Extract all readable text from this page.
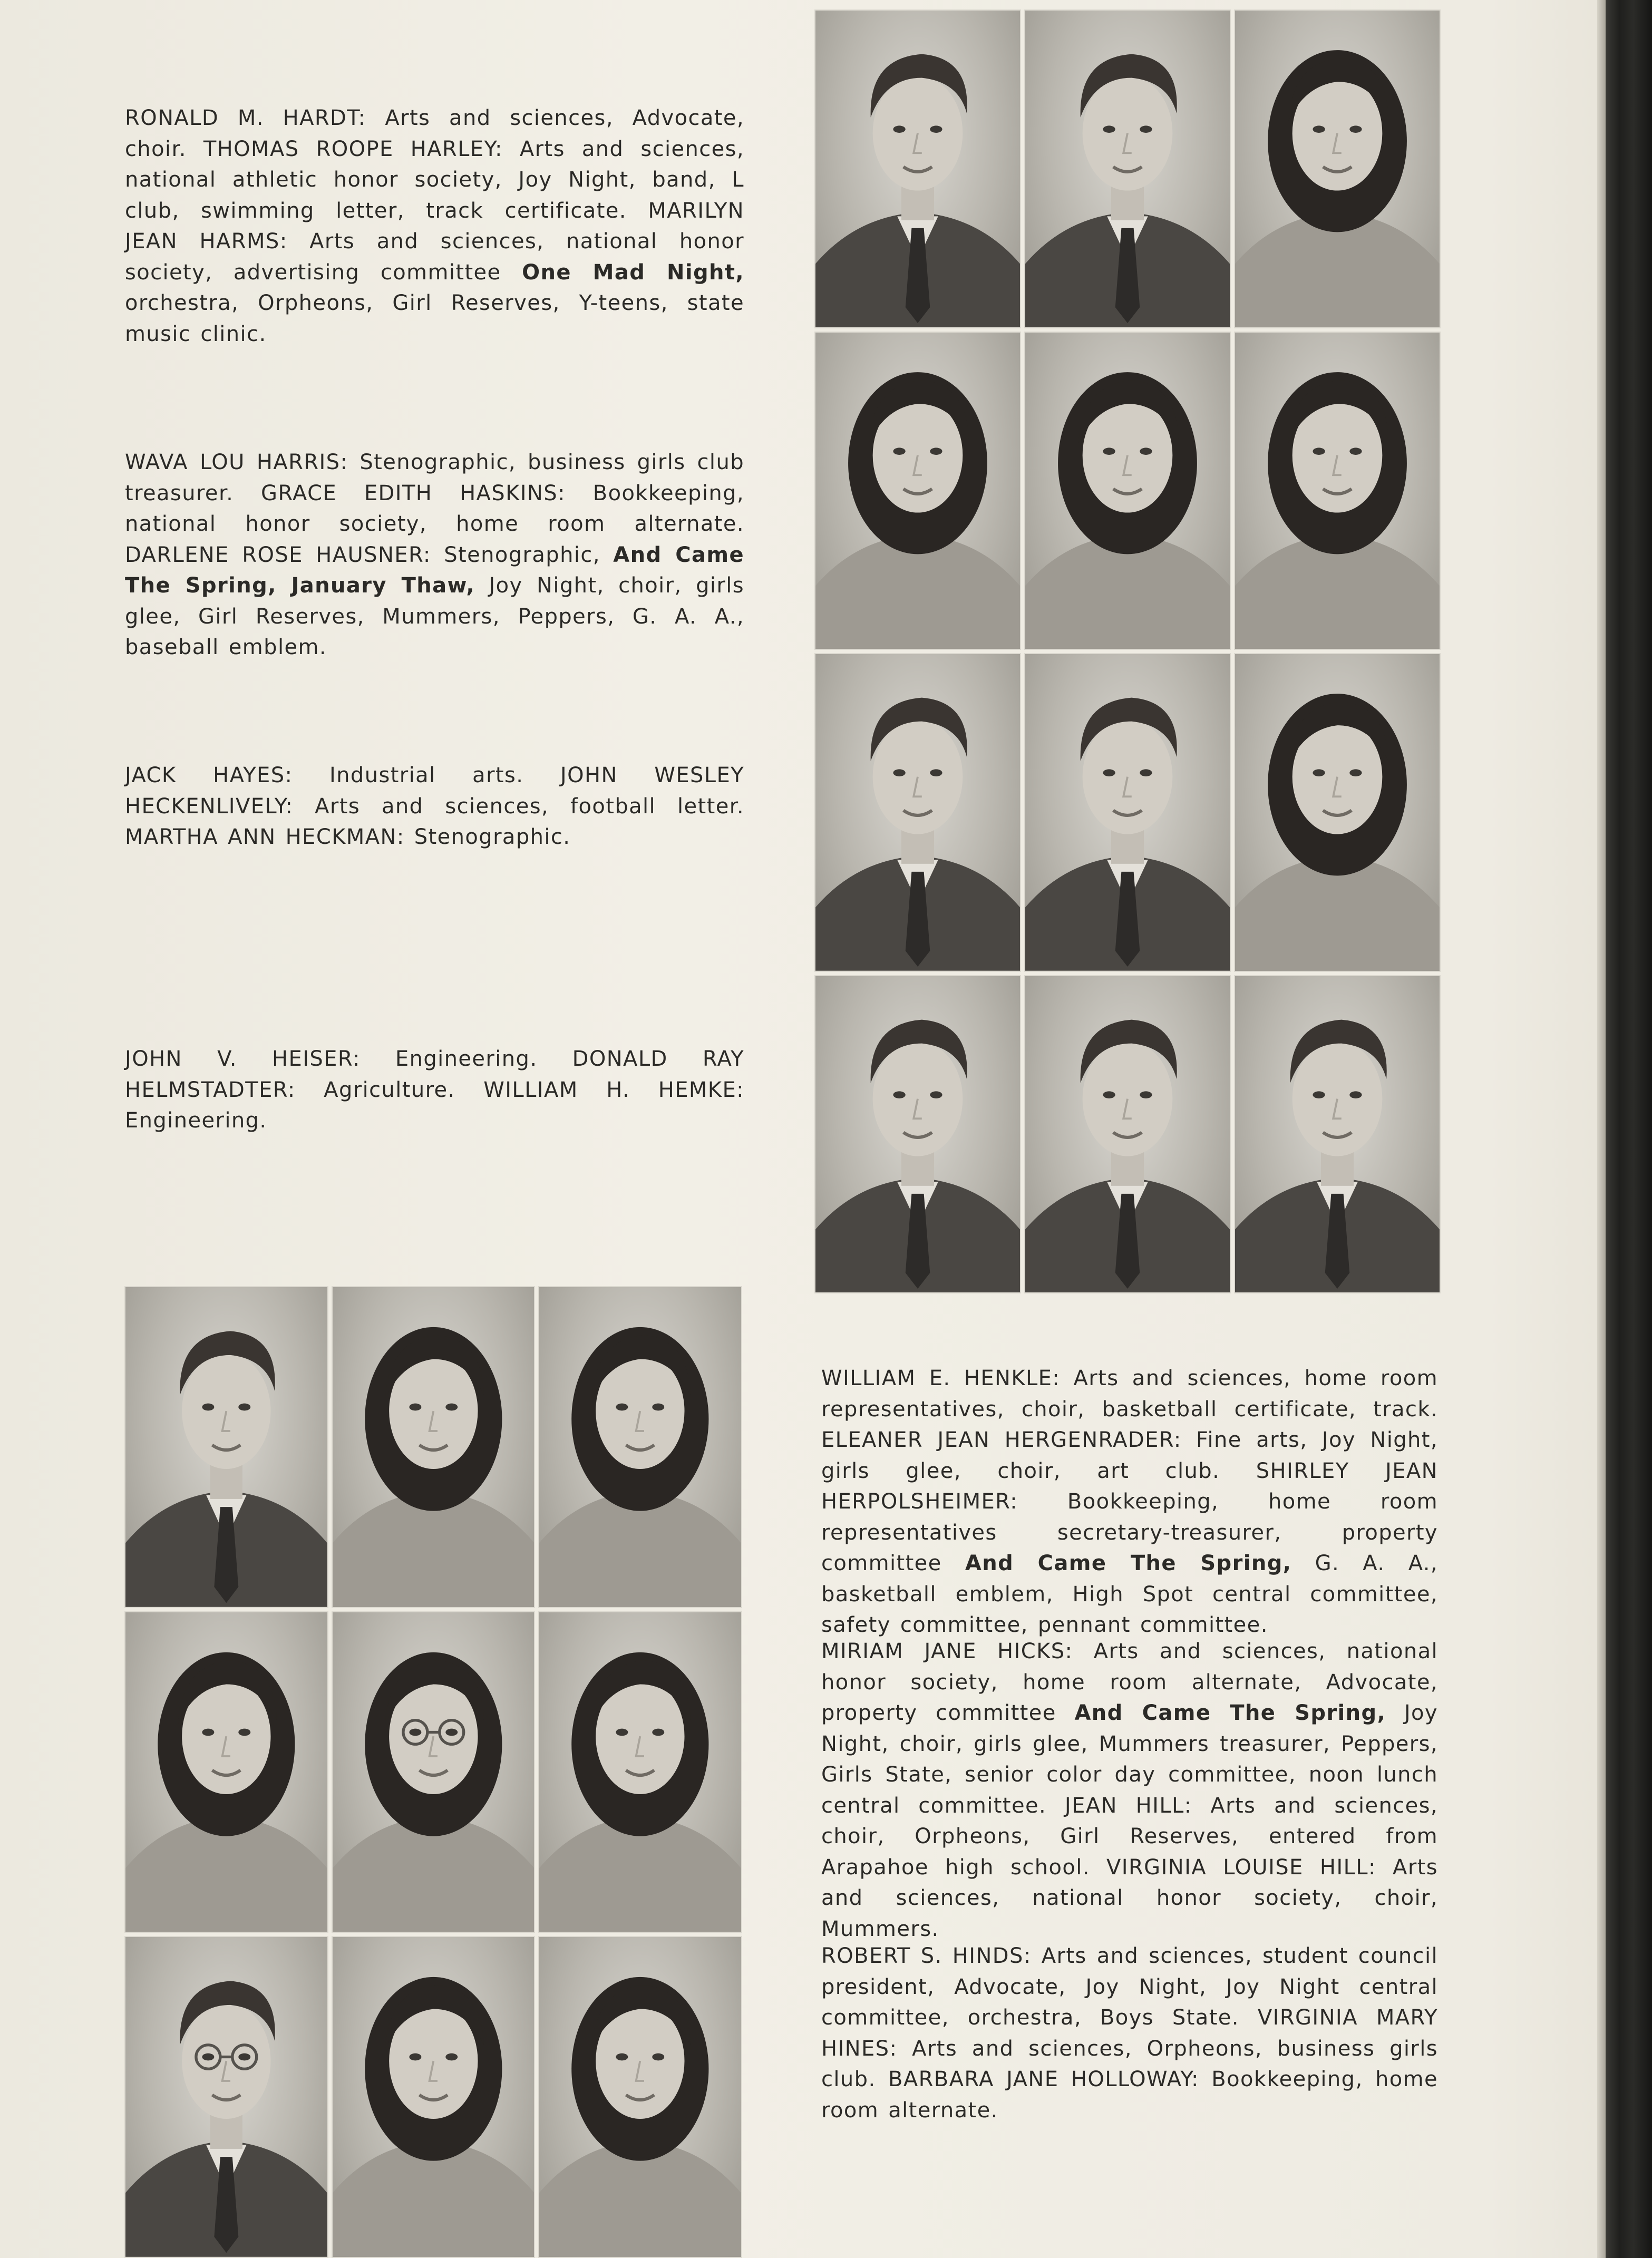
RONALD M. HARDT: Arts and sciences, Advocate, choir. THOMAS ROOPE HARLEY: Arts and sciences, national athletic honor society, Joy Night, band, L club, swimming letter, track certificate. MARILYN JEAN HARMS: Arts and sciences, national honor society, advertising committee One Mad Night, orchestra, Orpheons, Girl Reserves, Y-teens, state music clinic.
WAVA LOU HARRIS: Stenographic, business girls club treasurer. GRACE EDITH HASKINS: Bookkeeping, national honor society, home room alternate. DARLENE ROSE HAUSNER: Stenographic, And Came The Spring, January Thaw, Joy Night, choir, girls glee, Girl Reserves, Mummers, Peppers, G. A. A., baseball emblem.
JACK HAYES: Industrial arts. JOHN WESLEY HECKENLIVELY: Arts and sciences, football letter. MARTHA ANN HECKMAN: Stenographic.
JOHN V. HEISER: Engineering. DONALD RAY HELMSTADTER: Agriculture. WILLIAM H. HEMKE: Engineering.
WILLIAM E. HENKLE: Arts and sciences, home room representatives, choir, basketball certificate, track. ELEANER JEAN HERGENRADER: Fine arts, Joy Night, girls glee, choir, art club. SHIRLEY JEAN HERPOLSHEIMER: Bookkeeping, home room representatives secretary-treasurer, property committee And Came The Spring, G. A. A., basketball emblem, High Spot central committee, safety committee, pennant committee.
MIRIAM JANE HICKS: Arts and sciences, national honor society, home room alternate, Advocate, property committee And Came The Spring, Joy Night, choir, girls glee, Mummers treasurer, Peppers, Girls State, senior color day committee, noon lunch central committee. JEAN HILL: Arts and sciences, choir, Orpheons, Girl Reserves, entered from Arapahoe high school. VIRGINIA LOUISE HILL: Arts and sciences, national honor society, choir, Mummers.
ROBERT S. HINDS: Arts and sciences, student council president, Advocate, Joy Night, Joy Night central committee, orchestra, Boys State. VIRGINIA MARY HINES: Arts and sciences, Orpheons, business girls club. BARBARA JANE HOLLOWAY: Bookkeeping, home room alternate.
